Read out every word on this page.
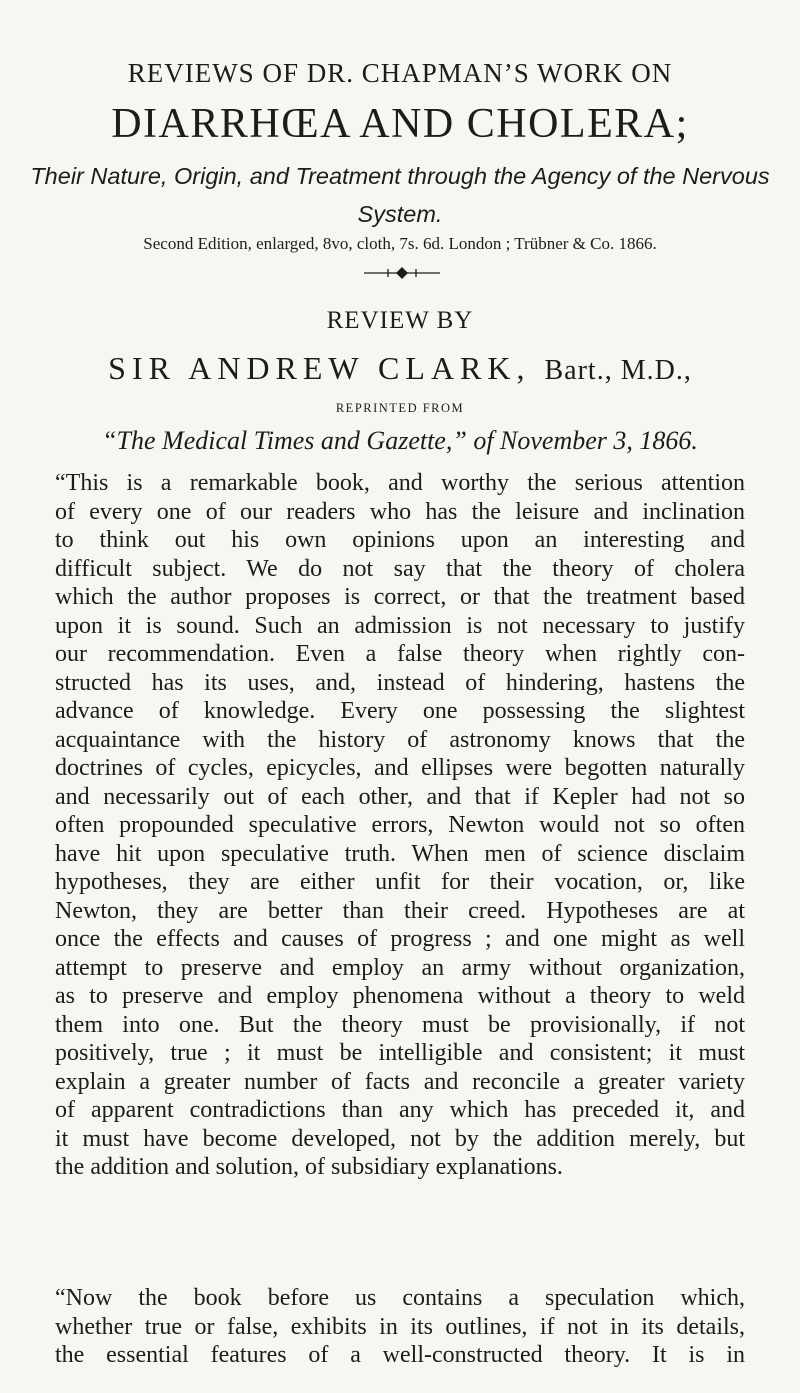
REVIEWS OF DR. CHAPMAN’S WORK ON
DIARRHŒA AND CHOLERA;
Their Nature, Origin, and Treatment through the Agency of the Nervous System.
Second Edition, enlarged, 8vo, cloth, 7s. 6d. London ; Trübner & Co. 1866.
REVIEW BY
SIR ANDREW CLARK, Bart., M.D.,
REPRINTED FROM
“The Medical Times and Gazette,” of November 3, 1866.
“This is a remarkable book, and worthy the serious attention
of every one of our readers who has the leisure and inclination
to think out his own opinions upon an interesting and
difficult subject. We do not say that the theory of cholera
which the author proposes is correct, or that the treatment based
upon it is sound. Such an admission is not necessary to justify
our recommendation. Even a false theory when rightly con-
structed has its uses, and, instead of hindering, hastens the
advance of knowledge. Every one possessing the slightest
acquaintance with the history of astronomy knows that the
doctrines of cycles, epicycles, and ellipses were begotten naturally
and necessarily out of each other, and that if Kepler had not so
often propounded speculative errors, Newton would not so often
have hit upon speculative truth. When men of science disclaim
hypotheses, they are either unfit for their vocation, or, like
Newton, they are better than their creed. Hypotheses are at
once the effects and causes of progress ; and one might as well
attempt to preserve and employ an army without organization,
as to preserve and employ phenomena without a theory to weld
them into one. But the theory must be provisionally, if not
positively, true ; it must be intelligible and consistent; it must
explain a greater number of facts and reconcile a greater variety
of apparent contradictions than any which has preceded it, and
it must have become developed, not by the addition merely, but
the addition and solution, of subsidiary explanations.
“Now the book before us contains a speculation which,
whether true or false, exhibits in its outlines, if not in its details,
the essential features of a well-constructed theory. It is in
